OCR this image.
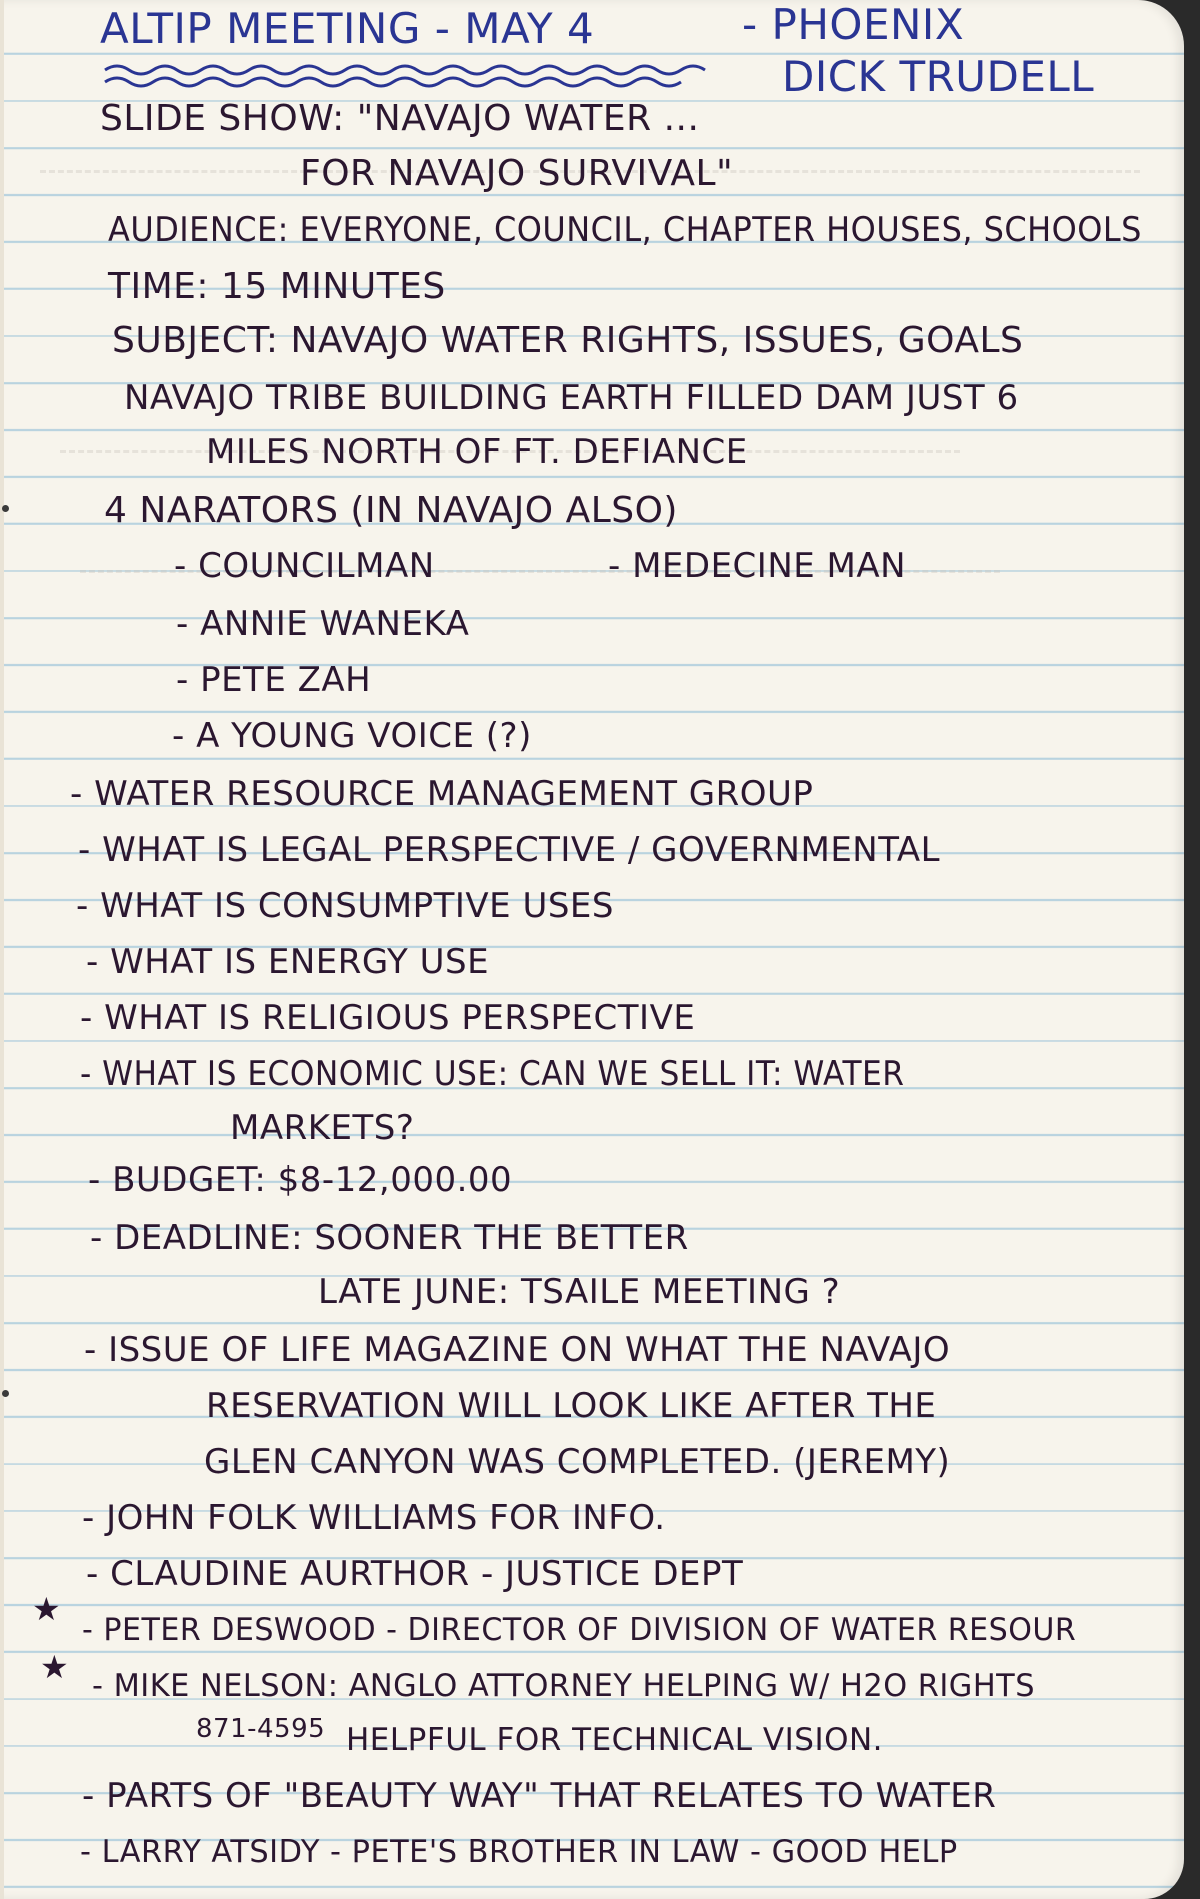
ALTIP MEETING - MAY 4	- PHOENIX
DICK TRUDELL
SLIDE SHOW: "NAVAJO WATER ...
FOR NAVAJO SURVIVAL"
AUDIENCE: EVERYONE, COUNCIL, CHAPTER HOUSES, SCHOOLS
TIME: 15 MINUTES
SUBJECT: NAVAJO WATER RIGHTS, ISSUES, GOALS
NAVAJO TRIBE BUILDING EARTH FILLED DAM JUST 6
MILES NORTH OF FT. DEFIANCE
4 NARATORS (IN NAVAJO ALSO)
- COUNCILMAN	- MEDECINE MAN
- ANNIE WANEKA
- PETE ZAH
- A YOUNG VOICE (?)
- WATER RESOURCE MANAGEMENT GROUP
- WHAT IS LEGAL PERSPECTIVE / GOVERNMENTAL
- WHAT IS CONSUMPTIVE USES
- WHAT IS ENERGY USE
- WHAT IS RELIGIOUS PERSPECTIVE
- WHAT IS ECONOMIC USE: CAN WE SELL IT: WATER
MARKETS?
- BUDGET: $8-12,000.00
- DEADLINE: SOONER THE BETTER
LATE JUNE: TSAILE MEETING ?
- ISSUE OF LIFE MAGAZINE ON WHAT THE NAVAJO
RESERVATION WILL LOOK LIKE AFTER THE
GLEN CANYON WAS COMPLETED. (JEREMY)
- JOHN FOLK WILLIAMS FOR INFO.
- CLAUDINE AURTHOR - JUSTICE DEPT
★
- PETER DESWOOD - DIRECTOR OF DIVISION OF WATER RESOUR
★ - MIKE NELSON: ANGLO ATTORNEY HELPING W/ H2O RIGHTS
871-4595 HELPFUL FOR TECHNICAL VISION.
- PARTS OF "BEAUTY WAY" THAT RELATES TO WATER
- LARRY ATSIDY - PETE'S BROTHER IN LAW - GOOD HELP
